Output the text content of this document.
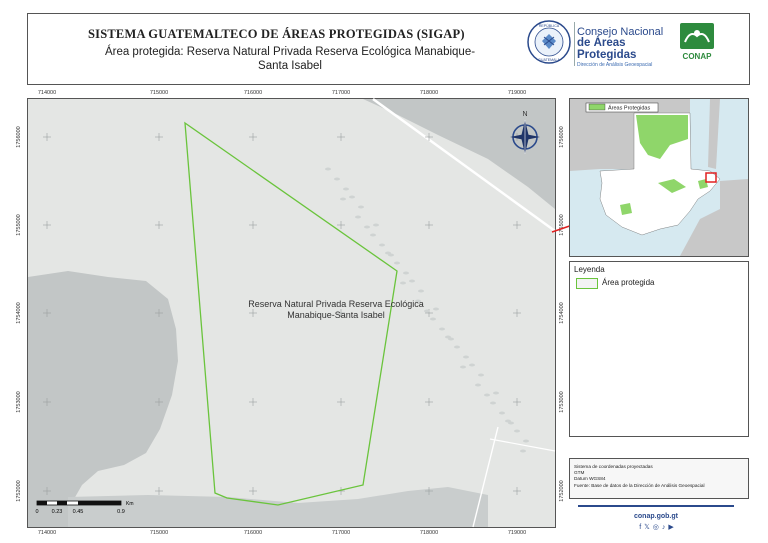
SISTEMA GUATEMALTECO DE ÁREAS PROTEGIDAS (SIGAP)
Área protegida: Reserva Natural Privada Reserva Ecológica Manabique-Santa Isabel
REPÚBLICA
GUATEMALA
Consejo Nacional
de Áreas Protegidas
Dirección de Análisis Geoespacial
CONAP
N
Reserva Natural Privada Reserva Ecológica Manabique-Santa Isabel
0 0.23 0.45	0.9
Km
714000	715000	716000	717000	718000	719000
714000	715000	716000	717000	718000	719000
1756000
1755000
1754000
1753000
1752000
1756000
1755000
1754000
1753000
1752000
Áreas Protegidas
Leyenda
Área protegida
Sistema de coordenadas proyectadas
GTM
Datum WGS84
Fuente: Base de datos de la Dirección de Análisis Geoespacial
conap.gob.gt
f𝕏◎♪▶
